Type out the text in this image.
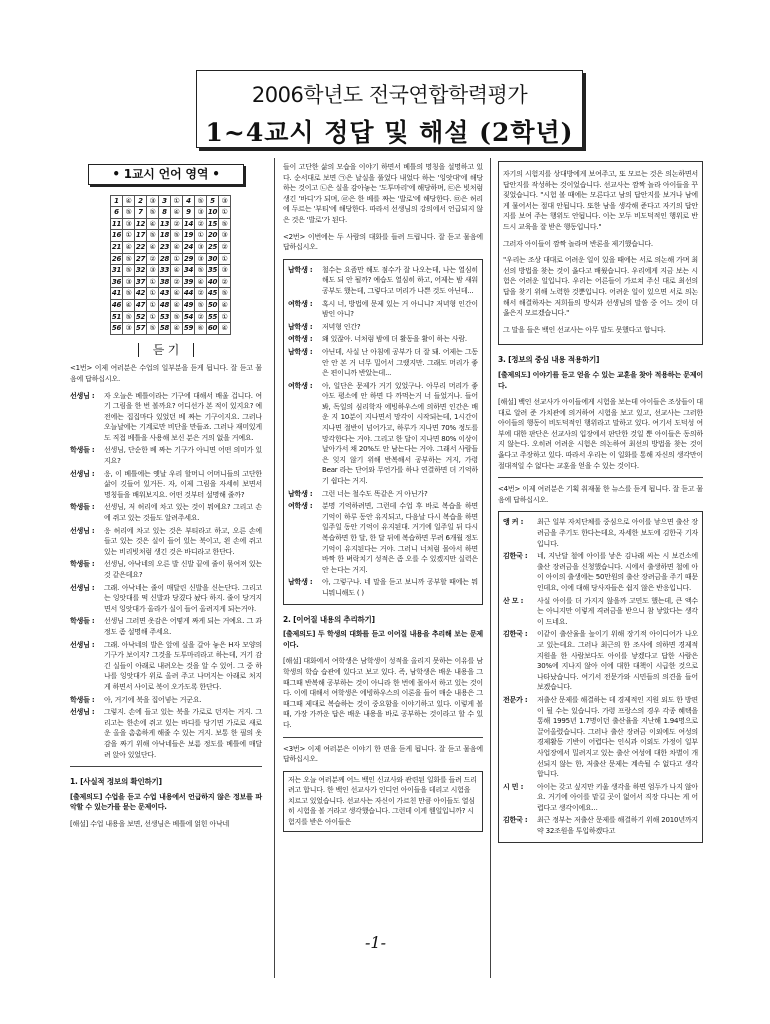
2006학년도 전국연합학력평가
1~4교시 정답 및 해설 (2학년)
• 1교시 언어 영역 •
1	④	2	③	3	①	4	⑤	5	③
6	⑤	7	⑤	8	④	9	③	10	①
11	③	12	④	13	②	14	②	15	⑤
16	①	17	⑤	18	⑤	19	①	20	③
21	④	22	④	23	④	24	③	25	②
26	⑤	27	②	28	①	29	③	30	①
31	⑤	32	③	33	④	34	⑤	35	③
36	③	37	①	38	②	39	④	40	②
41	⑤	42	①	43	④	44	②	45	⑤
46	④	47	①	48	④	49	⑤	50	④
51	⑤	52	①	53	⑤	54	②	55	①
56	③	57	⑤	58	④	59	⑥	60	④
듣 기
<1번> 이제 여러분은 수업의 일부분을 듣게 됩니다. 잘 듣고 물음에 답하십시오.
선생님 :	자 오늘은 베틀이라는 기구에 대해서 배울 겁니다. 여기 그림을 한 번 볼까요? 어디선가 본 적이 있지요? 예전에는 집집마다 있었던 베 짜는 기구이지요. 그러나 오늘날에는 기계로만 비단을 만들죠. 그러나 재미있게도 직접 베틀을 사용해 보신 분은 거의 없을 거예요.
학생들 :	선생님, 단순한 베 짜는 기구가 아니면 어떤 의미가 있지요?
선생님 :	응, 이 베틀에는 옛날 우리 할머니 어머니들의 고단한 삶이 깃들어 있거든. 자, 이제 그림을 자세히 보면서 명칭들을 배워보지요. 어떤 것부터 설명해 줄까?
학생들 :	선생님, 저 허리에 차고 있는 것이 뭐예요? 그리고 손에 쥐고 있는 것들도 알려주세요.
선생님 :	응 허리에 차고 있는 것은 부티라고 하고, 오른 손에 들고 있는 것은 실이 들어 있는 북이고, 왼 손에 쥐고 있는 비리빗처럼 생긴 것은 바디라고 한단다.
학생들 :	선생님, 아낙네의 오른 발 신발 끝에 줄이 묶여져 있는 것 같은데요?
선생님 :	그래. 아낙네는 줄이 매달린 신발을 신는단다. 그리고는 잉앗대를 떡 신발과 당겼다 놨다 하지. 줄이 당겨지면서 잉앗대가 올라가 실이 들어 올려지게 되는거야.
학생들 :	선생님 그러면 옷감은 어떻게 짜게 되는 거예요. 그 과정도 좀 설명해 주세요.
선생님 :	그래. 아낙네의 발은 앞에 실을 갈아 놓은 H자 모양의 기구가 보이지? 그것을 도투마리라고 하는데, 거기 감긴 실들이 아래로 내려오는 것을 알 수 있어. 그 중 하나를 잉앗대가 위로 올려 주고 나머지는 아래로 처지게 하면서 사이로 북이 오가도록 한단다.
학생들 :	아, 거기에 북을 집어넣는 거군요.
선생님 :	그렇지. 손에 들고 있는 북을 가로로 던지는 거지. 그리고는 한손에 쥐고 있는 바디를 당기면 가로로 새로운 올을 촘촘하게 해줄 수 있는 거지. 보통 한 필의 옷감을 짜기 위해 아낙네들은 보름 정도를 베틀에 매달려 앉아 있었단다.
1. [사실적 정보의 확인하기]
[출제의도] 수업을 듣고 수업 내용에서 언급하지 않은 정보를 파악할 수 있는가를 묻는 문제이다.
[해설] 수업 내용을 보면, 선생님은 베틀에 얽힌 아낙네
들이 고단한 삶의 모습을 이야기 하면서 베틀의 명칭을 설명하고 있다. 순서대로 보면 ㉠은 날실을 풀었다 내었다 하는 '잉앗대'에 해당하는 것이고 ㉡은 실을 감아놓는 '도투마리'에 해당하며, ㉢은 빗처럼 생긴 '바디'가 되며, ㉣은 한 베를 짜는 '발로'에 해당한다. ㉤은 허리에 두르는 '부티'에 해당한다. 따라서 선생님의 강의에서 언급되지 않은 것은 '발로'가 된다.
<2번> 이번에는 두 사람의 대화를 들려 드립니다. 잘 듣고 물음에 답하십시오.
남학생 :	철수는 요즘만 해도 점수가 잘 나오는데, 나는 열심히 해도 되 안 될까? 예습도 열심히 하고, 어제는 밤 새워 공부도 했는데, 그렇다고 머리가 나쁜 것도 아닌데...
여학생 :	혹시 너, 방법에 문제 있는 거 아니니? 저녁형 인간이 밤인 아니?
남학생 :	저녁형 인간?
여학생 :	왜 있잖아. 너처럼 밤에 더 활동을 활이 하는 사람.
남학생 :	아닌데, 사실 난 아침에 공부가 더 잘 돼. 어제는 그동안 안 본 거 너무 밀어서 그랬지만. 그래도 머리가 좋은 편이니까 반았는데...
여학생 :	아, 일단은 문제가 거기 있었구나. 아무리 머리가 좋아도 평소에 안 하면 다 까먹는거 너 들었거나. 들어봐, 독일의 심리학자 에빙하우스에 의하면 인간은 배운 지 10분이 지나면서 망각이 시작되는데, 1시간이 지나면 절반이 넘어가고, 하루가 지나면 70% 정도를 망각한다는 거야. 그리고 한 달이 지나면 80% 이상이 날아가서 채 20%도 안 남는다는 거야. 그래서 사람들은 잊지 않기 위해 반복해서 공부하는 거지, 가령 Bear 라는 단어와 무언가를 하나 연결하면 더 기억하기 쉽다는 거지.
남학생 :	그런 너는 철수도 똑같은 거 아닌가?
여학생 :	분명 기억하려면, 그런데 수업 후 바로 복습을 하면 기억이 하루 동안 유지되고, 다음날 다시 복습을 하면 일주일 동안 기억이 유지된대. 거기에 일주일 뒤 다시 복습하면 한 달, 한 달 뒤에 복습하면 무려 6개월 정도 기억이 유지된다는 거야. 그러니 너처럼 몰아서 하면 바짝 한 벼락치기 성적은 좀 오를 수 있겠지만 실력은 안 는다는 거지.
남학생 :	아, 그렇구나. 네 말을 듣고 보니까 공부할 때에는 뭐니뭐니해도 ( )
2. [이어질 내용의 추리하기]
[출제의도] 두 학생의 대화를 듣고 이어질 내용을 추리해 보는 문제이다.
[해설] 대화에서 여학생은 남학생이 성적을 올리지 못하는 이유를 남학생의 학습 습관에 있다고 보고 있다. 즉, 남학생은 배운 내용을 그때그때 반복해 공부하는 것이 아니라 한 번에 몰아서 하고 있는 것이다. 이에 대해서 여학생은 에빙하우스의 이론을 들어 매순 내용은 그때그때 제대로 복습하는 것이 중요함을 이야기하고 있다. 이렇게 볼 때, 가장 가까운 답은 배운 내용을 바로 공부하는 것이라고 할 수 있다.
<3번> 이제 여러분은 이야기 한 편을 듣게 됩니다. 잘 듣고 물음에 답하십시오.
저는 오늘 여러분께 어느 백인 신교사와 관련된 일화를 들려 드리려고 합니다. 한 백인 선교사가 인디언 아이들을 데리고 시험을 치르고 있었습니다. 선교사는 자신이 가르친 만큼 아이들도 열심히 시험을 볼 거라고 생각했습니다. 그런데 이게 웬일입니까? 시험지를 받은 아이들은
자기의 시험지를 상대방에게 보여주고, 또 모르는 것은 의논하면서 답안지를 작성하는 것이었습니다. 선교사는 깜짝 놀라 아이들을 꾸짖었습니다. "시험 볼 때에는 모른다고 남의 답안지를 보거나 남에게 물어서는 절대 안됩니다. 또한 남을 생각해 준다고 자기의 답안지를 보여 주는 행위도 안됩니다. 이는 모두 비도덕적인 행위로 반드시 교육을 잘 받은 행동입니다."
그러자 아이들이 깜짝 놀라며 반론을 제기했습니다.
"우리는 조상 대대로 어려운 일이 있을 때에는 서로 의논해 가며 최선의 방법을 찾는 것이 옳다고 배웠습니다. 우리에게 지금 보는 시험은 어려운 일입니다. 우리는 어른들이 가르쳐 주신 대로 최선의 답을 찾기 위해 노력한 것뿐입니다. 어려운 일이 있으면 서로 의논해서 해결하자는 저희들의 방식과 선생님의 말씀 중 어느 것이 더 옳은지 모르겠습니다."
그 말을 들은 백인 선교사는 아무 말도 못했다고 합니다.
3. [정보의 중심 내용 적용하기]
[출제의도] 이야기를 듣고 얻을 수 있는 교훈을 찾아 적용하는 문제이다.
[해설] 백인 선교사가 아이들에게 시험을 보는데 아이들은 조상들이 대대로 알려 준 가치관에 의거하여 시험을 보고 있고, 선교사는 그러한 아이들의 행동이 비도덕적인 행위라고 말하고 있다. 여기서 도덕성 여부에 대한 판단은 선교사의 입장에서 판단한 것일 뿐 아이들은 동의하지 않는다. 오히려 어려운 시험은 의논하여 최선의 방법을 찾는 것이 옳다고 주장하고 있다. 따라서 우리는 이 일화를 통해 자신의 생각만이 절대적일 수 없다는 교훈을 얻을 수 있는 것이다.
<4번> 이제 여러분은 기획 취재물 한 뉴스를 듣게 됩니다. 잘 듣고 물음에 답하십시오.
앵 커 :	최근 일부 자치단체를 중심으로 아이를 낳으면 출산 장려금을 주기도 한다는데요, 자세한 보도에 김한국 기자입니다.
김한국 :	네, 지난달 철에 아이를 낳은 김나래 씨는 시 보건소에 출산 장려금을 신청했습니다. 시에서 출생하면 철에 아이 아이의 출생에는 50만원의 출산 장려금을 주기 때문인데요, 이에 대해 당사자들은 쉽지 않은 반응입니다.
산 모 :	사실 아이를 더 가지지 않을까 고민도 했는데, 큰 액수는 아니지만 이렇게 격려금을 받으니 참 낳았다는 생각이 드네요.
김한국 :	이같이 출산율을 높이기 위해 장기적 아이디어가 나오고 있는데요. 그러나 최근의 한 조사에 의하면 경제적 지원을 한 사람보다도 아이를 낳겠다고 답한 사람은 30%에 지나지 않아 이에 대한 대책이 시급한 것으로 나타났습니다. 여기서 전문가와 시민들의 의견을 들어 보겠습니다.
전문가 :	저출산 문제를 해결하는 데 경제적인 지원 외도 한 방편이 될 수는 있습니다. 가령 프랑스의 경우 각종 혜택을 통해 1995년 1.7명이던 출산율을 지난해 1.94명으로 끌어올렸습니다. 그러나 출산 장려금 이외에도 여성의 경제활동 기반이 어렵다는 인식과 이외도 가정이 일부 사업장에서 밀려지고 있는 출산 여성에 대한 차별이 개선되지 않는 한, 저출산 문제는 계속될 수 없다고 생각합니다.
시 민 :	아이는 갖고 싶지만 키울 생각을 하면 엄두가 나지 않아요. 거기에 아이를 맡길 곳이 없어서 직장 다니는 게 어렵다고 생각이에요...
김한국 :	최근 정부는 저출산 문제를 해결하기 위해 2010년까지 약 32조원을 투입하겠다고
-1-
